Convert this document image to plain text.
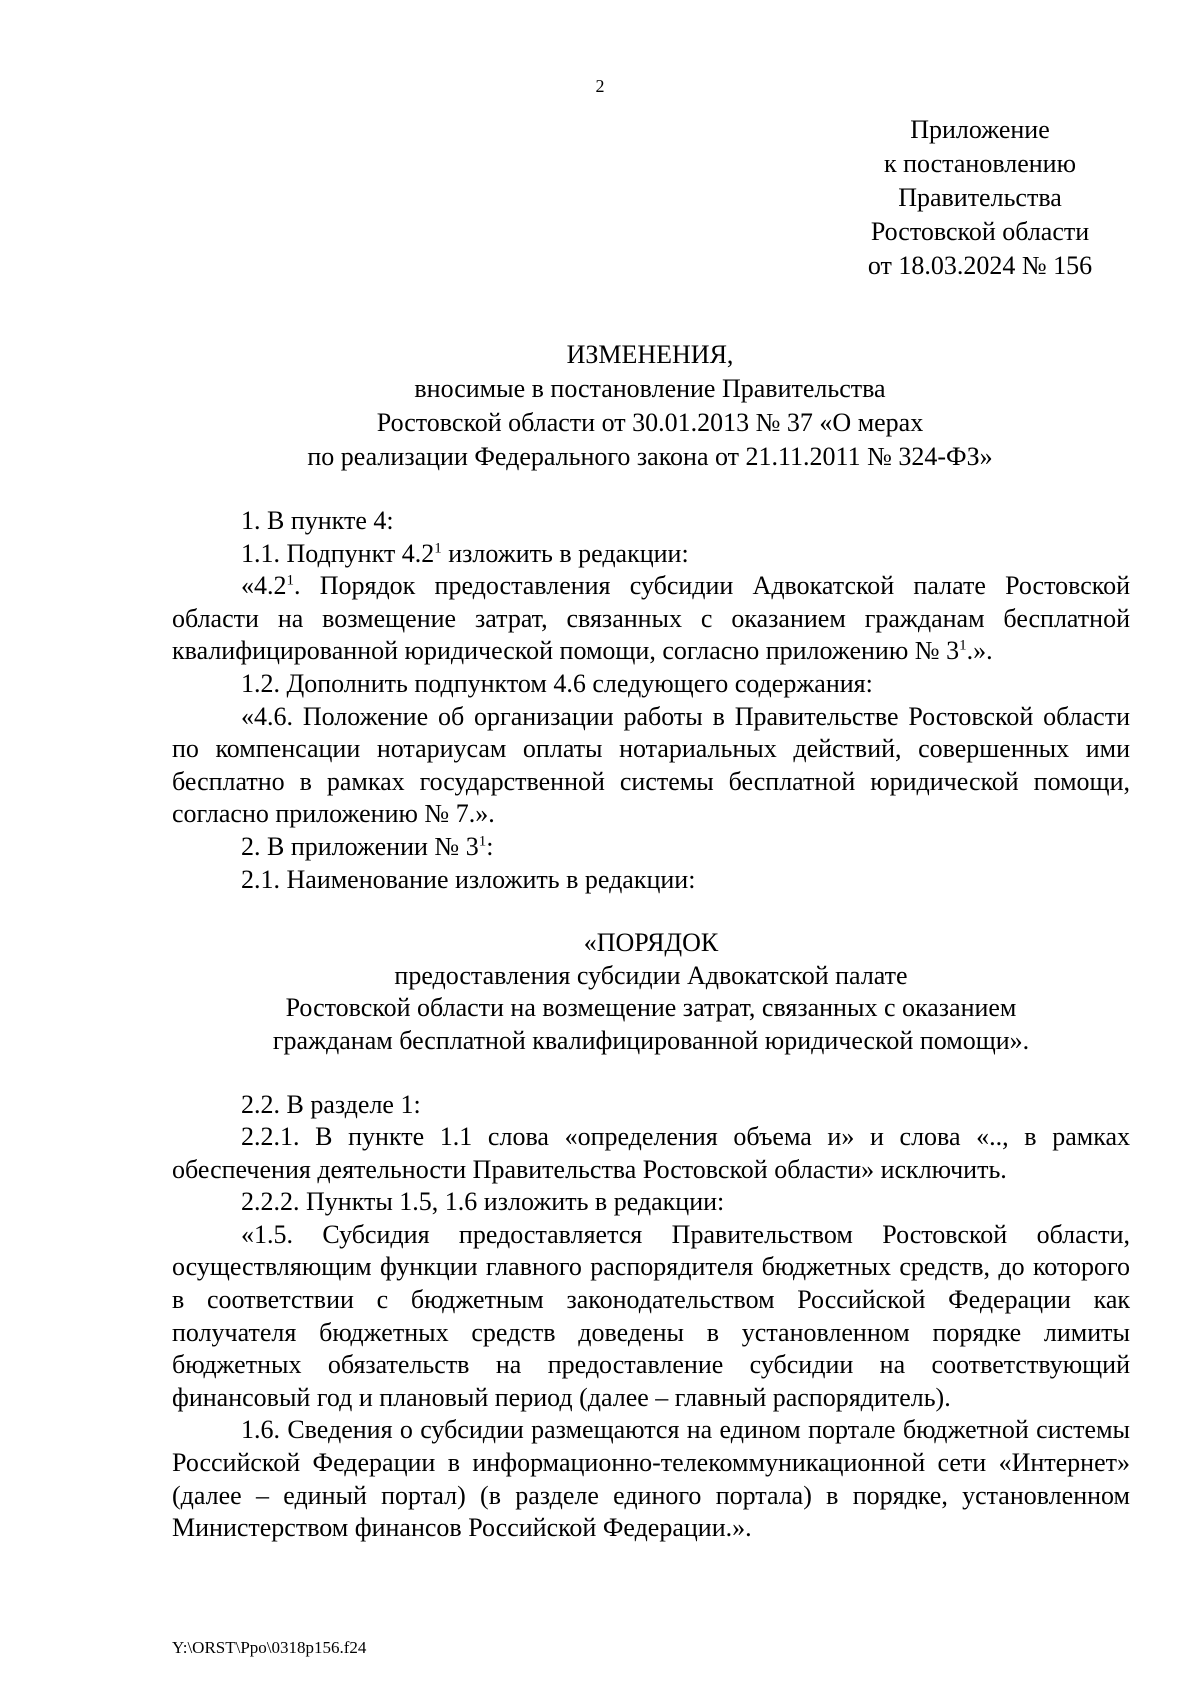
2
Приложение
к постановлению
Правительства
Ростовской области
от 18.03.2024 № 156
ИЗМЕНЕНИЯ,
вносимые в постановление Правительства
Ростовской области от 30.01.2013 № 37 «О мерах
по реализации Федерального закона от 21.11.2011 № 324-ФЗ»

1. В пункте 4:

1.1. Подпункт $4.2^1$ изложить в редакции:

«$4.2^1$. Порядок предоставления субсидии Адвокатской палате Ростовской области на возмещение затрат, связанных с оказанием гражданам бесплатной квалифицированной юридической помощи, согласно приложению № $3^1$.».

1.2. Дополнить подпунктом 4.6 следующего содержания:

«4.6. Положение об организации работы в Правительстве Ростовской области по компенсации нотариусам оплаты нотариальных действий, совершенных ими бесплатно в рамках государственной системы бесплатной юридической помощи, согласно приложению № 7.».

2. В приложении № $3^1$:

2.1. Наименование изложить в редакции:

«ПОРЯДОК
предоставления субсидии Адвокатской палате
Ростовской области на возмещение затрат, связанных с оказанием
гражданам бесплатной квалифицированной юридической помощи».

2.2. В разделе 1:

2.2.1. В пункте 1.1 слова «определения объема и» и слова «.., в рамках обеспечения деятельности Правительства Ростовской области» исключить.

2.2.2. Пункты 1.5, 1.6 изложить в редакции:

«1.5. Субсидия предоставляется Правительством Ростовской области, осуществляющим функции главного распорядителя бюджетных средств, до которого в соответствии с бюджетным законодательством Российской Федерации как получателя бюджетных средств доведены в установленном порядке лимиты бюджетных обязательств на предоставление субсидии на соответствующий финансовый год и плановый период (далее – главный распорядитель).

1.6. Сведения о субсидии размещаются на едином портале бюджетной системы Российской Федерации в информационно-телекоммуникационной сети «Интернет» (далее – единый портал) (в разделе единого портала) в порядке, установленном Министерством финансов Российской Федерации.».

Y:\ORST\Ppo\0318p156.f24
